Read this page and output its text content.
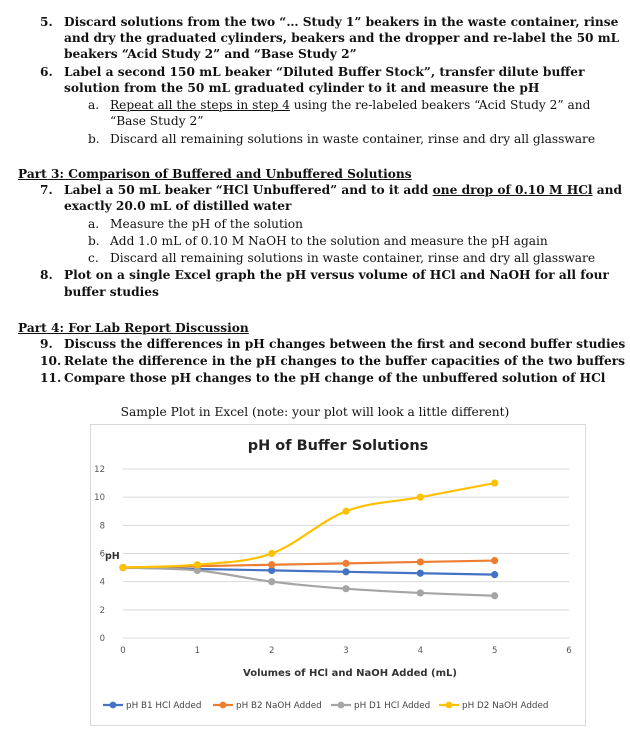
5. Discard solutions from the two “… Study 1” beakers in the waste container, rinse
and dry the graduated cylinders, beakers and the dropper and re-label the 50 mL
beakers “Acid Study 2” and “Base Study 2”
6. Label a second 150 mL beaker “Diluted Buffer Stock”, transfer dilute buffer
solution from the 50 mL graduated cylinder to it and measure the pH
a. Repeat all the steps in step 4 using the re-labeled beakers “Acid Study 2” and
“Base Study 2”
b. Discard all remaining solutions in waste container, rinse and dry all glassware
Part 3: Comparison of Buffered and Unbuffered Solutions
7. Label a 50 mL beaker “HCl Unbuffered” and to it add one drop of 0.10 M HCl and
exactly 20.0 mL of distilled water
a. Measure the pH of the solution
b. Add 1.0 mL of 0.10 M NaOH to the solution and measure the pH again
c. Discard all remaining solutions in waste container, rinse and dry all glassware
8. Plot on a single Excel graph the pH versus volume of HCl and NaOH for all four
buffer studies
Part 4: For Lab Report Discussion
9. Discuss the differences in pH changes between the first and second buffer studies
10. Relate the difference in the pH changes to the buffer capacities of the two buffers
11. Compare those pH changes to the pH change of the unbuffered solution of HCl
Sample Plot in Excel (note: your plot will look a little different)
pH of Buffer Solutions
pH
Volumes of HCl and NaOH Added (mL)
0
2
4
6
8
10
12
0	1	2	3	4	5	6
pH B1 HCl Added	pH B2 NaOH Added	pH D1 HCl Added	pH D2 NaOH Added
